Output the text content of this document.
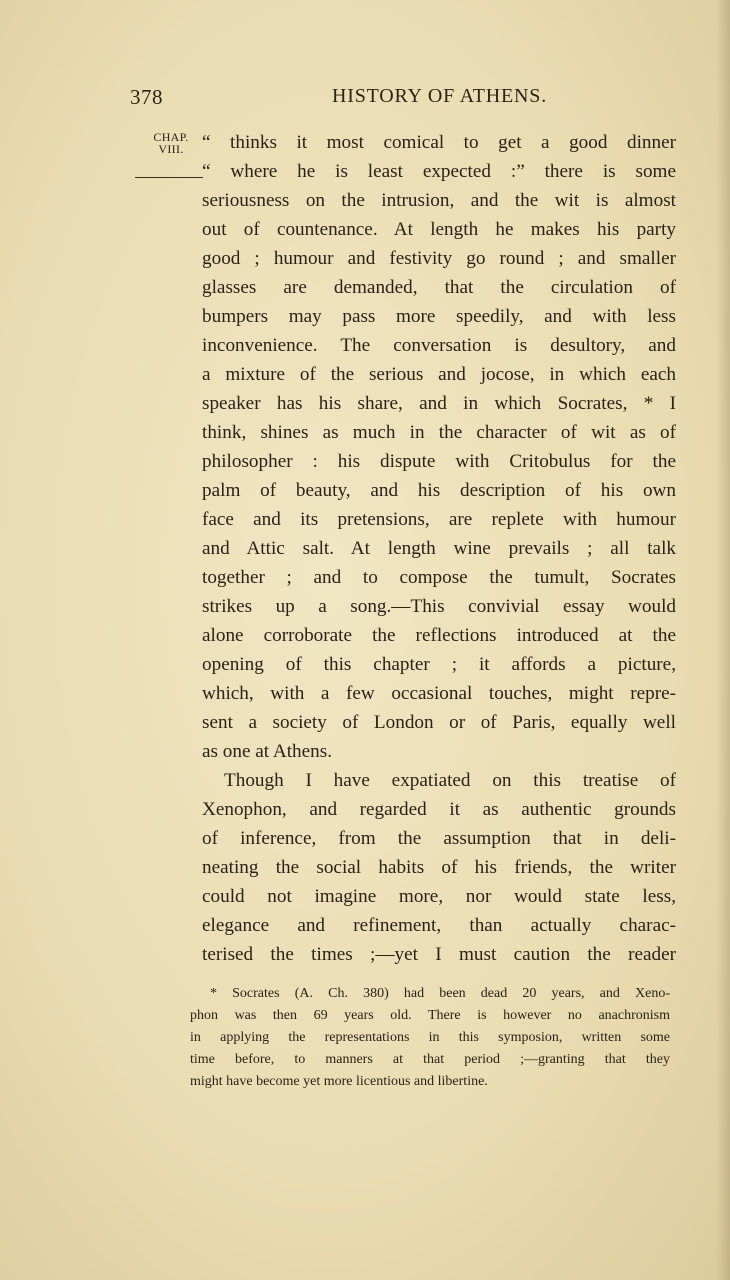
378	HISTORY OF ATHENS.
CHAP.
VIII. “ thinks it most comical to get a good dinner
“ where he is least expected :” there is some
seriousness on the intrusion, and the wit is almost
out of countenance. At length he makes his party
good ; humour and festivity go round ; and smaller
glasses are demanded, that the circulation of
bumpers may pass more speedily, and with less
inconvenience. The conversation is desultory, and
a mixture of the serious and jocose, in which each
speaker has his share, and in which Socrates, * I
think, shines as much in the character of wit as of
philosopher : his dispute with Critobulus for the
palm of beauty, and his description of his own
face and its pretensions, are replete with humour
and Attic salt. At length wine prevails ; all talk
together ; and to compose the tumult, Socrates
strikes up a song.—This convivial essay would
alone corroborate the reflections introduced at the
opening of this chapter ; it affords a picture,
which, with a few occasional touches, might repre-
sent a society of London or of Paris, equally well
as one at Athens.
Though I have expatiated on this treatise of
Xenophon, and regarded it as authentic grounds
of inference, from the assumption that in deli-
neating the social habits of his friends, the writer
could not imagine more, nor would state less,
elegance and refinement, than actually charac-
terised the times ;—yet I must caution the reader
* Socrates (A. Ch. 380) had been dead 20 years, and Xeno-
phon was then 69 years old. There is however no anachronism
in applying the representations in this symposion, written some
time before, to manners at that period ;—granting that they
might have become yet more licentious and libertine.
